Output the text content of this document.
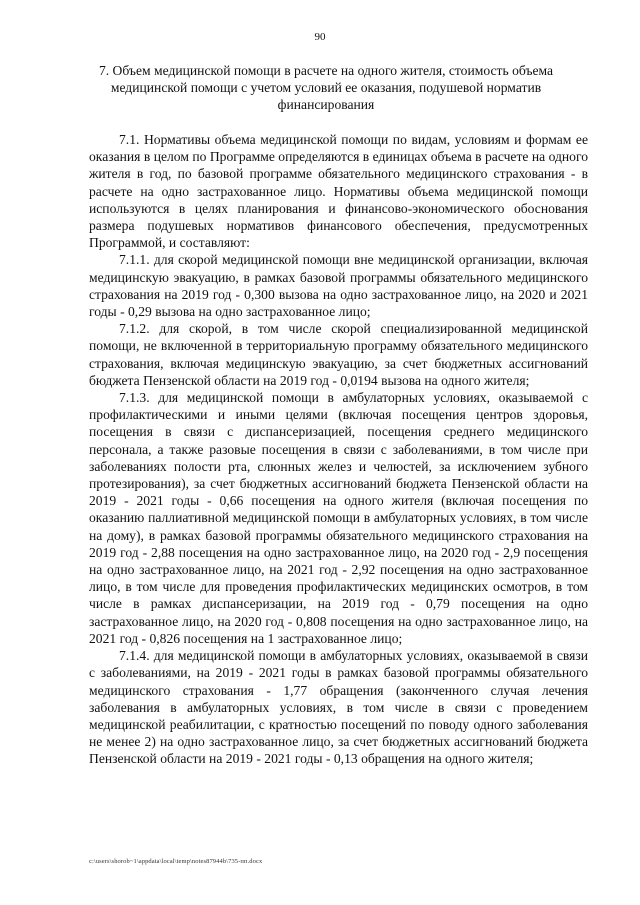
90
7. Объем медицинской помощи в расчете на одного жителя, стоимость объема медицинской помощи с учетом условий ее оказания, подушевой норматив финансирования

7.1. Нормативы объема медицинской помощи по видам, условиям и формам ее оказания в целом по Программе определяются в единицах объема в расчете на одного жителя в год, по базовой программе обязательного медицинского страхования - в расчете на одно застрахованное лицо. Нормативы объема медицинской помощи используются в целях планирования и финансово-экономического обоснования размера подушевых нормативов финансового обеспечения, предусмотренных Программой, и составляют:

7.1.1. для скорой медицинской помощи вне медицинской организации, включая медицинскую эвакуацию, в рамках базовой программы обязательного медицинского страхования на 2019 год - 0,300 вызова на одно застрахованное лицо, на 2020 и 2021 годы - 0,29 вызова на одно застрахованное лицо;

7.1.2. для скорой, в том числе скорой специализированной медицинской помощи, не включенной в территориальную программу обязательного медицинского страхования, включая медицинскую эвакуацию, за счет бюджетных ассигнований бюджета Пензенской области на 2019 год - 0,0194 вызова на одного жителя;

7.1.3. для медицинской помощи в амбулаторных условиях, оказываемой с профилактическими и иными целями (включая посещения центров здоровья, посещения в связи с диспансеризацией, посещения среднего медицинского персонала, а также разовые посещения в связи с заболеваниями, в том числе при заболеваниях полости рта, слюнных желез и челюстей, за исключением зубного протезирования), за счет бюджетных ассигнований бюджета Пензенской области на 2019 - 2021 годы - 0,66 посещения на одного жителя (включая посещения по оказанию паллиативной медицинской помощи в амбулаторных условиях, в том числе на дому), в рамках базовой программы обязательного медицинского страхования на 2019 год - 2,88 посещения на одно застрахованное лицо, на 2020 год - 2,9 посещения на одно застрахованное лицо, на 2021 год - 2,92 посещения на одно застрахованное лицо, в том числе для проведения профилактических медицинских осмотров, в том числе в рамках диспансеризации, на 2019 год - 0,79 посещения на одно застрахованное лицо, на 2020 год - 0,808 посещения на одно застрахованное лицо, на 2021 год - 0,826 посещения на 1 застрахованное лицо;

7.1.4. для медицинской помощи в амбулаторных условиях, оказываемой в связи с заболеваниями, на 2019 - 2021 годы в рамках базовой программы обязательного медицинского страхования - 1,77 обращения (законченного случая лечения заболевания в амбулаторных условиях, в том числе в связи с проведением медицинской реабилитации, с кратностью посещений по поводу одного заболевания не менее 2) на одно застрахованное лицо, за счет бюджетных ассигнований бюджета Пензенской области на 2019 - 2021 годы - 0,13 обращения на одного жителя;

c:\users\shorob~1\appdata\local\temp\notes87944b\735-пп.docx
